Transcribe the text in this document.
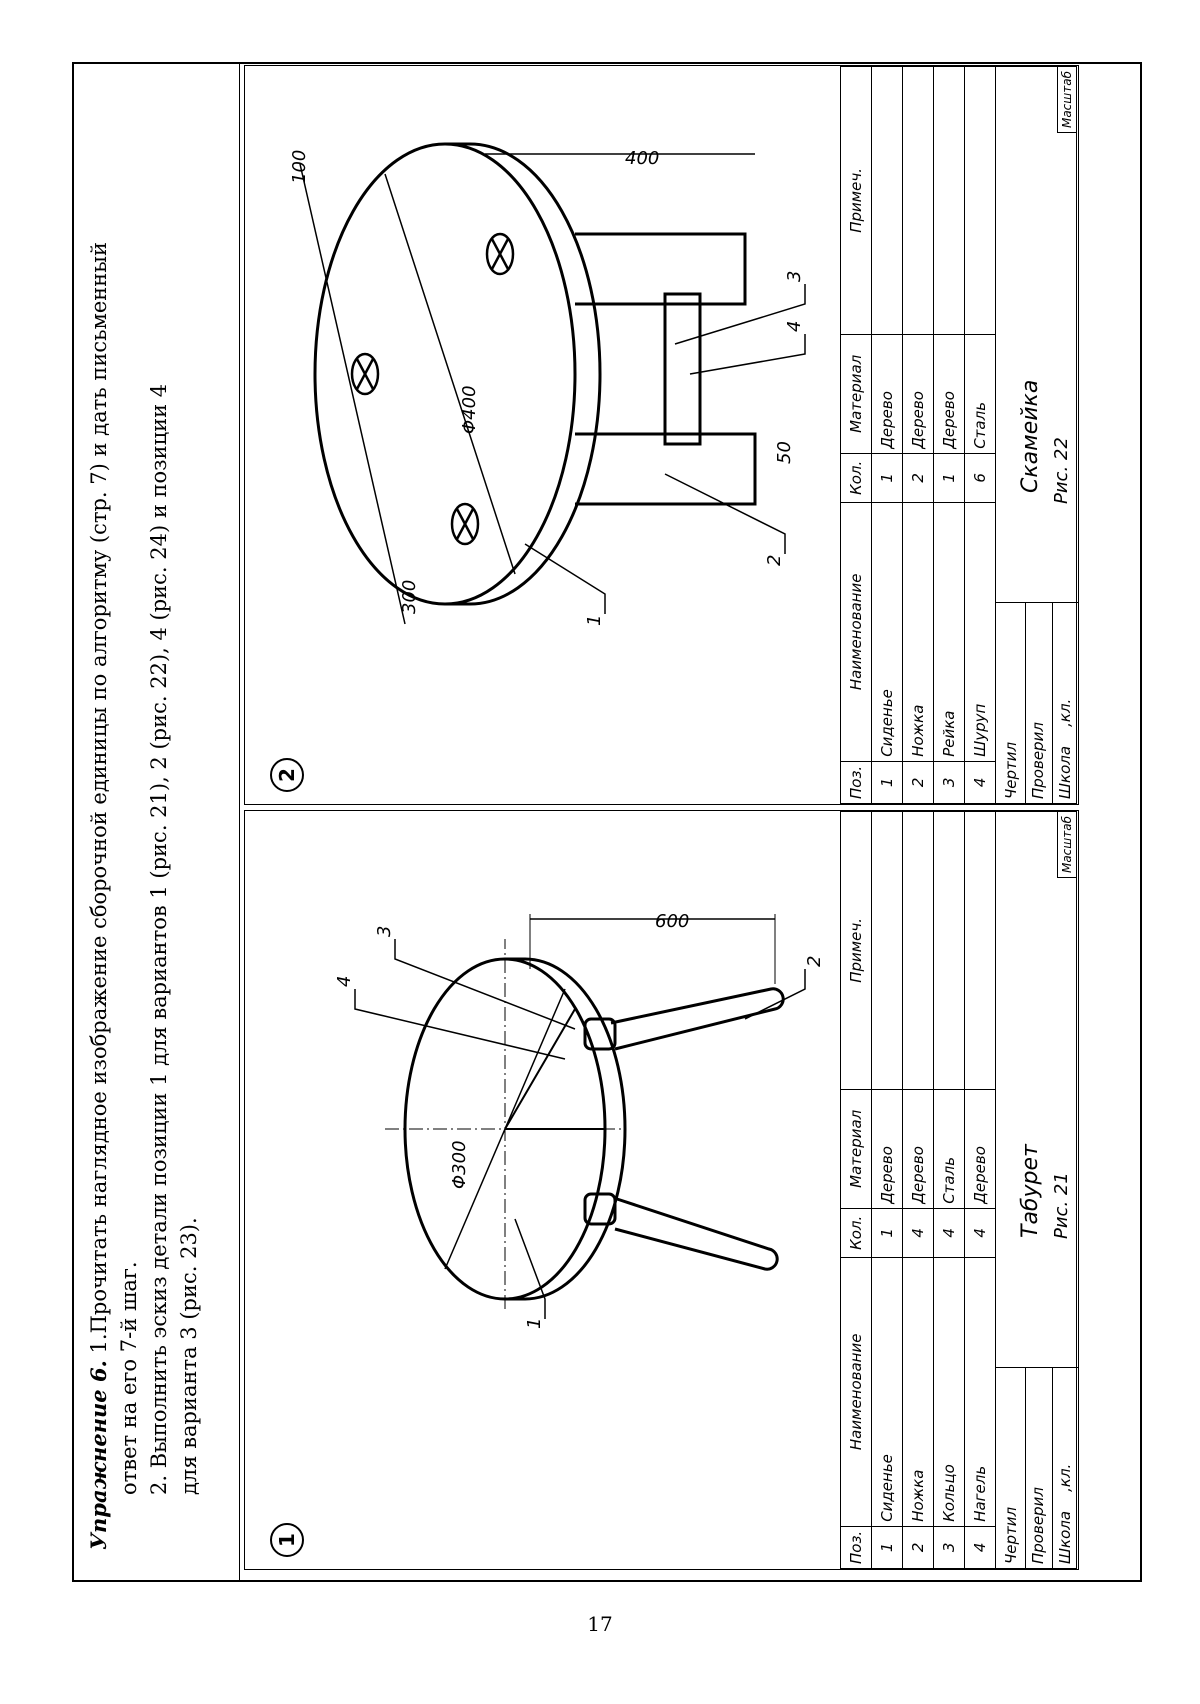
Упражнение 6. 1.Прочитать наглядное изображение сборочной единицы по алгоритму (стр. 7) и дать письменный

ответ на его 7-й шаг. 2. Выполнить эскиз детали позиции 1 для вариантов 1 (рис. 21), 2 (рис. 22), 4 (рис. 24) и позиции 4 для варианта 3 (рис. 23).

1
600
Φ300
1
2
3
4
Поз.	Наименование	Кол.	Материал	Примеч.
1	Сиденье	1	Дерево	
2	Ножка	4	Дерево	
3	Кольцо	4	Сталь	
4	Нагель	4	Дерево	
Чертил Проверил Школа    ,кл.
Табурет
Масштаб
Рис. 21
2
300
100
Φ400
400
50
1
2
3
4
Поз.	Наименование	Кол.	Материал	Примеч.
1	Сиденье	1	Дерево	
2	Ножка	2	Дерево	
3	Рейка	1	Дерево	
4	Шуруп	6	Сталь	
Чертил Проверил Школа    ,кл.
Скамейка
Масштаб
Рис. 22
17
